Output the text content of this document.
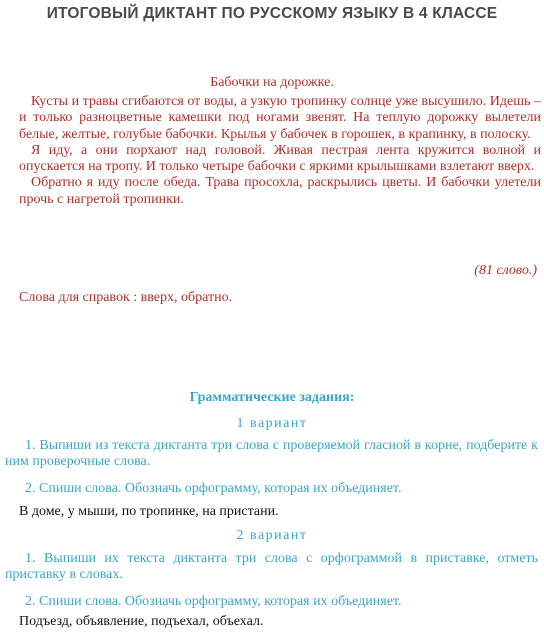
ИТОГОВЫЙ ДИКТАНТ ПО РУССКОМУ ЯЗЫКУ В 4 КЛАССЕ
Бабочки на дорожке.

Кусты и травы сгибаются от воды, а узкую тропинку солнце уже высушило. Идешь – и только разноцветные камешки под ногами звенят. На теплую дорожку вылетели белые, желтые, голубые бабочки. Крылья у бабочек в горошек, в крапинку, в полоску.

Я иду, а они порхают над головой. Живая пестрая лента кружится волной и опускается на тропу. И только четыре бабочки с яркими крылышками взлетают вверх.

Обратно я иду после обеда. Трава просохла, раскрылись цветы. И бабочки улетели прочь с нагретой тропинки.

(81 слово.)
Слова для справок : вверх, обратно.
Грамматические задания:
1 вариант

1. Выпиши из текста диктанта три слова с проверяемой гласной в корне, подберите к ним проверочные слова.

2. Спиши слова. Обозначь орфограмму, которая их объединяет.

В доме, у мыши, по тропинке, на пристани.
2 вариант

1. Выпиши их текста диктанта три слова с орфограммой в приставке, отметь приставку в словах.

2. Спиши слова. Обозначь орфограмму, которая их объединяет.

Подъезд, объявление, подъехал, объехал.
